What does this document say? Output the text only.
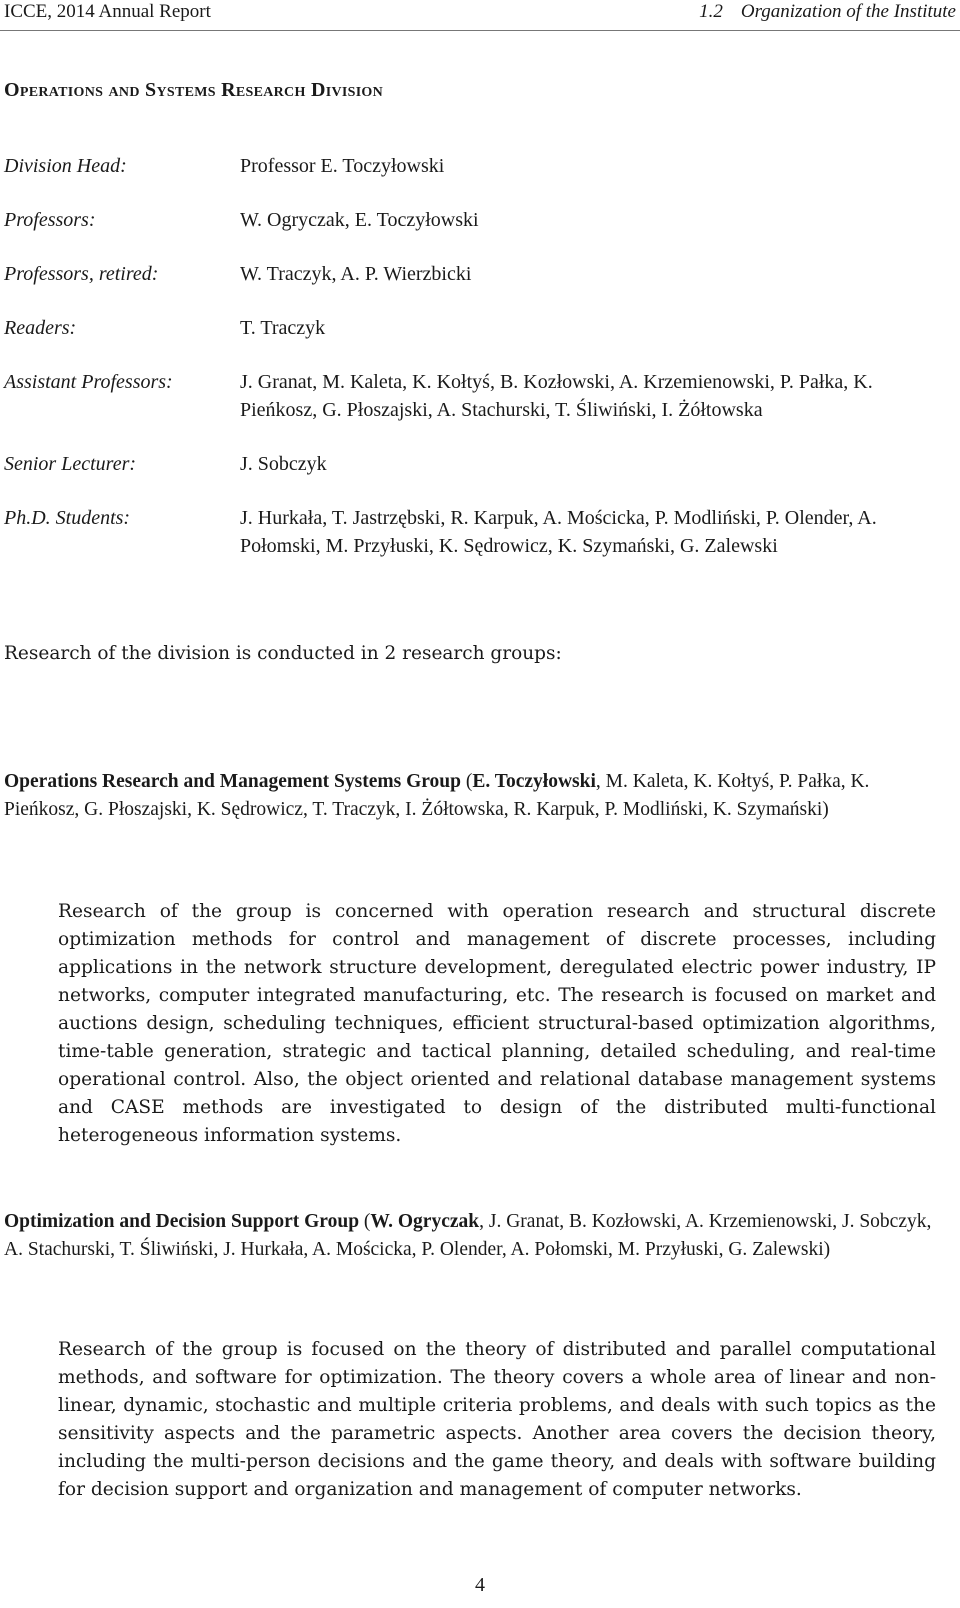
ICCE, 2014 Annual Report	1.2 Organization of the Institute
Operations and Systems Research Division
Division Head:	Professor E. Toczyłowski
Professors:	W. Ogryczak, E. Toczyłowski
Professors, retired:	W. Traczyk, A. P. Wierzbicki
Readers:	T. Traczyk
Assistant Professors:	J. Granat, M. Kaleta, K. Kołtyś, B. Kozłowski, A. Krzemienowski, P. Pałka, K. Pieńkosz, G. Płoszajski, A. Stachurski, T. Śliwiński, I. Żółtowska
Senior Lecturer:	J. Sobczyk
Ph.D. Students:	J. Hurkała, T. Jastrzębski, R. Karpuk, A. Mościcka, P. Modliński, P. Olender, A. Połomski, M. Przyłuski, K. Sędrowicz, K. Szymański, G. Zalewski
Research of the division is conducted in 2 research groups:
Operations Research and Management Systems Group (E. Toczyłowski, M. Kaleta, K. Kołtyś, P. Pałka, K. Pieńkosz, G. Płoszajski, K. Sędrowicz, T. Traczyk, I. Żółtowska, R. Karpuk, P. Modliński, K. Szymański)
Research of the group is concerned with operation research and structural discrete optimization methods for control and management of discrete processes, including applications in the network structure development, deregulated electric power industry, IP networks, computer integrated manufacturing, etc. The research is focused on market and auctions design, scheduling techniques, efficient structural-based optimization algorithms, time-table generation, strategic and tactical planning, detailed scheduling, and real-time operational control. Also, the object oriented and relational database management systems and CASE methods are investigated to design of the distributed multi-functional heterogeneous information systems.
Optimization and Decision Support Group (W. Ogryczak, J. Granat, B. Kozłowski, A. Krzemienowski, J. Sobczyk, A. Stachurski, T. Śliwiński, J. Hurkała, A. Mościcka, P. Olender, A. Połomski, M. Przyłuski, G. Zalewski)
Research of the group is focused on the theory of distributed and parallel computational methods, and software for optimization. The theory covers a whole area of linear and non-linear, dynamic, stochastic and multiple criteria problems, and deals with such topics as the sensitivity aspects and the parametric aspects. Another area covers the decision theory, including the multi-person decisions and the game theory, and deals with software building for decision support and organization and management of computer networks.
4
